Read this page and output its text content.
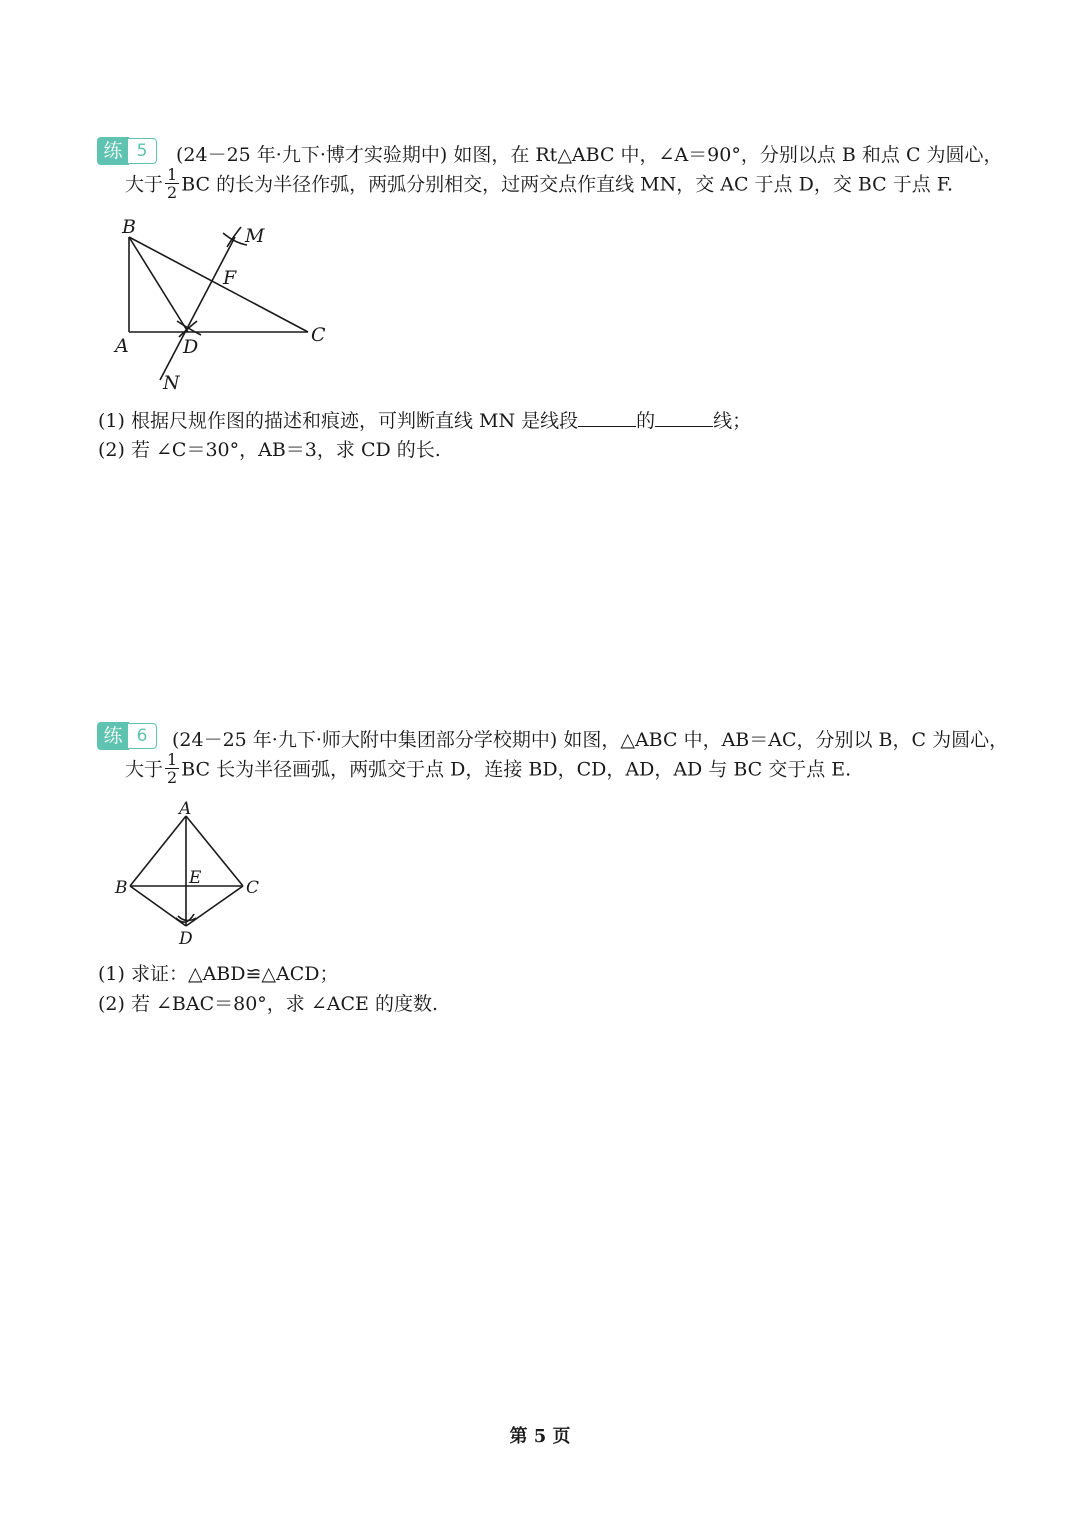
练 5	(24－25 年·九下·博才实验期中) 如图，在 Rt△ABC 中，∠A＝90°，分别以点 B 和点 C 为圆心，
大于 $\frac{1}{2}$ BC 的长为半径作弧，两弧分别相交，过两交点作直线 MN，交 AC 于点 D，交 BC 于点 F.
B	M
F
A	D
C
N
(1) 根据尺规作图的描述和痕迹，可判断直线 MN 是线段	的	线；
(2) 若 ∠C＝30°，AB＝3，求 CD 的长.
练 6	(24－25 年·九下·师大附中集团部分学校期中) 如图，△ABC 中，AB＝AC，分别以 B，C 为圆心，
大于 $\frac{1}{2}$ BC 长为半径画弧，两弧交于点 D，连接 BD，CD，AD，AD 与 BC 交于点 E.
A
B	E	C
D
(1) 求证：△ABD≌△ACD；
(2) 若 ∠BAC＝80°，求 ∠ACE 的度数.
第 5 页
